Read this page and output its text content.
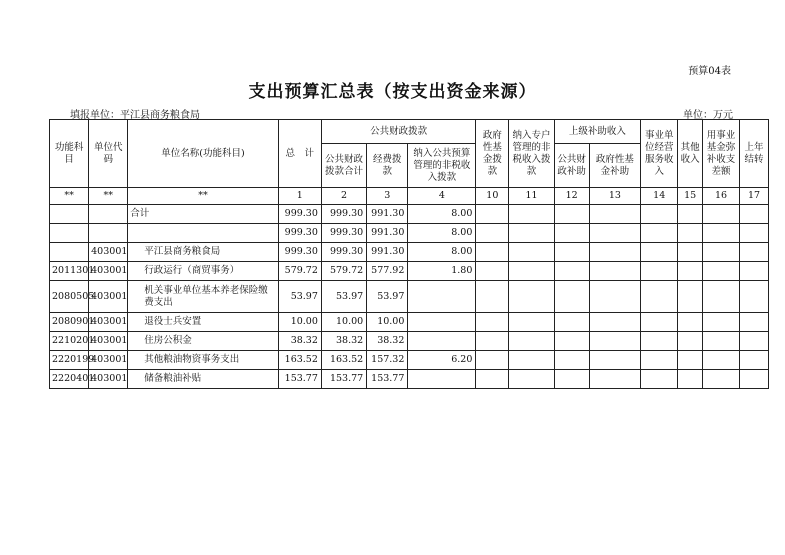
预算04表
支出预算汇总表（按支出资金来源）
填报单位：平江县商务粮食局	单位：万元
功能科目	单位代码	单位名称(功能科目)	总　计	公共财政拨款			政府性基金拨款	纳入专户管理的非税收入拨款	上级补助收入		事业单位经营服务收入	其他收入	用事业基金弥补收支差额	上年结转
				公共财政拨款合计	经费拨款	纳入公共预算管理的非税收入拨款			公共财政补助	政府性基金补助				
**	**	**	1	2	3	4	10	11	12	13	14	15	16	17
		合计	999.30	999.30	991.30	8.00								
			999.30	999.30	991.30	8.00								
	403001	平江县商务粮食局	999.30	999.30	991.30	8.00								
2011301	403001	行政运行（商贸事务）	579.72	579.72	577.92	1.80								
2080505	403001	机关事业单位基本养老保险缴费支出	53.97	53.97	53.97									
2080901	403001	退役士兵安置	10.00	10.00	10.00									
2210201	403001	住房公积金	38.32	38.32	38.32									
2220199	403001	其他粮油物资事务支出	163.52	163.52	157.32	6.20								
2220401	403001	储备粮油补贴	153.77	153.77	153.77									
